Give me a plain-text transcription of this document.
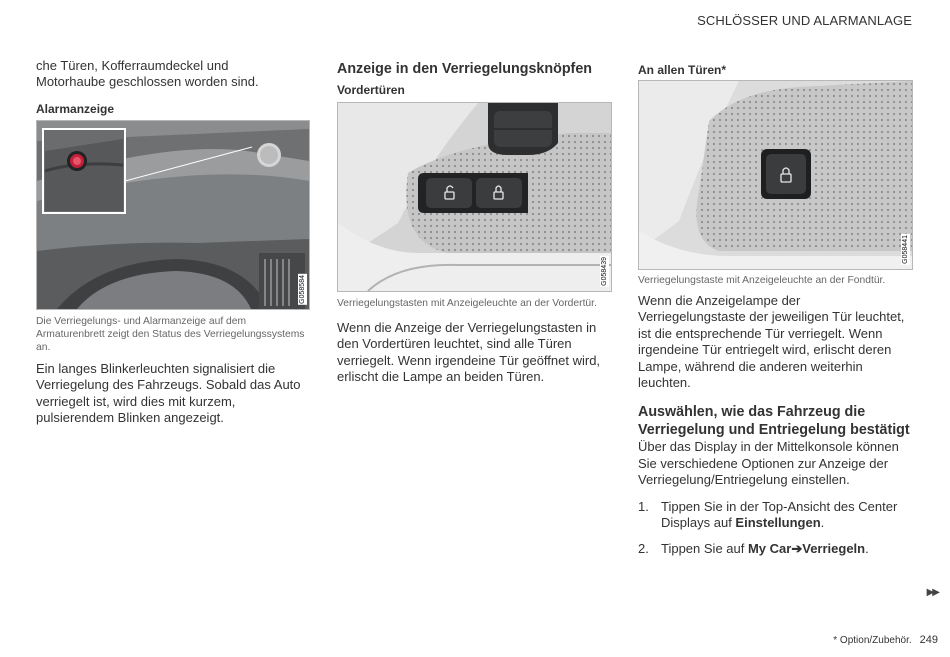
SCHLÖSSER UND ALARMANLAGE

che Türen, Kofferraumdeckel und Motorhaube geschlossen worden sind.

Alarmanzeige
G058584

Die Verriegelungs- und Alarmanzeige auf dem Armaturenbrett zeigt den Status des Verriegelungssystems an.

Ein langes Blinkerleuchten signalisiert die Verriegelung des Fahrzeugs. Sobald das Auto verriegelt ist, wird dies mit kurzem, pulsierendem Blinken angezeigt.

Anzeige in den Verriegelungsknöpfen
Vordertüren
G058439

Verriegelungstasten mit Anzeigeleuchte an der Vordertür.

Wenn die Anzeige der Verriegelungstasten in den Vordertüren leuchtet, sind alle Türen verriegelt. Wenn irgendeine Tür geöffnet wird, erlischt die Lampe an beiden Türen.

An allen Türen*
G058441

Verriegelungstaste mit Anzeigeleuchte an der Fondtür.

Wenn die Anzeigelampe der Verriegelungstaste der jeweiligen Tür leuchtet, ist die entsprechende Tür verriegelt. Wenn irgendeine Tür entriegelt wird, erlischt deren Lampe, während die anderen weiterhin leuchten.

Auswählen, wie das Fahrzeug die Verriegelung und Entriegelung bestätigt

Über das Display in der Mittelkonsole können Sie verschiedene Optionen zur Anzeige der Verriegelung/Entriegelung einstellen.

1. Tippen Sie in der Top-Ansicht des Center Displays auf Einstellungen.
2. Tippen Sie auf My Car➔Verriegeln.
▶▶
* Option/Zubehör. 249
